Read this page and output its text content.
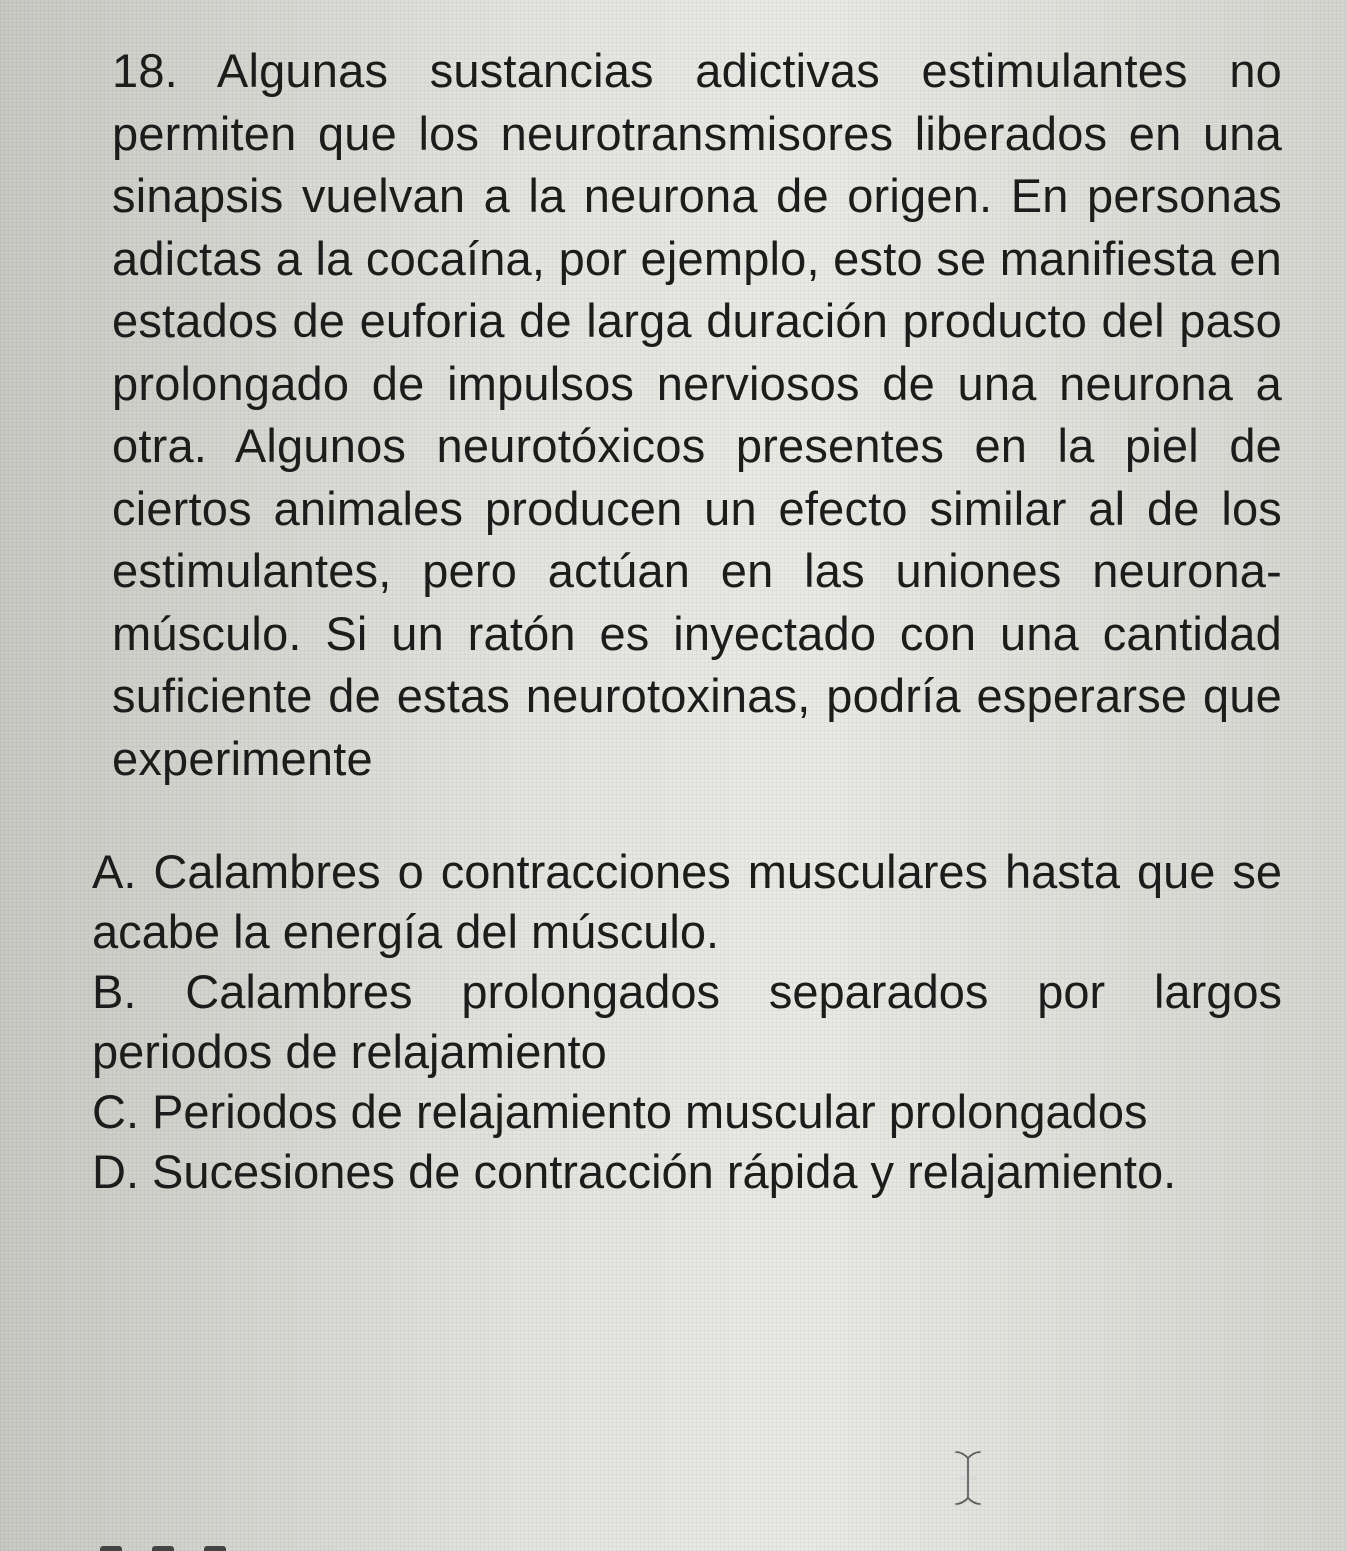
18. Algunas sustancias adictivas estimulantes no permiten que los neurotransmisores liberados en una sinapsis vuelvan a la neurona de origen. En personas adictas a la cocaína, por ejemplo, esto se manifiesta en estados de euforia de larga duración producto del paso prolongado de impulsos nerviosos de una neurona a otra. Algunos neurotóxicos presentes en la piel de ciertos animales producen un efecto similar al de los estimulantes, pero actúan en las uniones neurona-músculo. Si un ratón es inyectado con una cantidad suficiente de estas neurotoxinas, podría esperarse que experimente

A. Calambres o contracciones musculares hasta que se acabe la energía del músculo.

B. Calambres prolongados separados por largos periodos de relajamiento

C. Periodos de relajamiento muscular prolongados

D. Sucesiones de contracción rápida y relajamiento.
